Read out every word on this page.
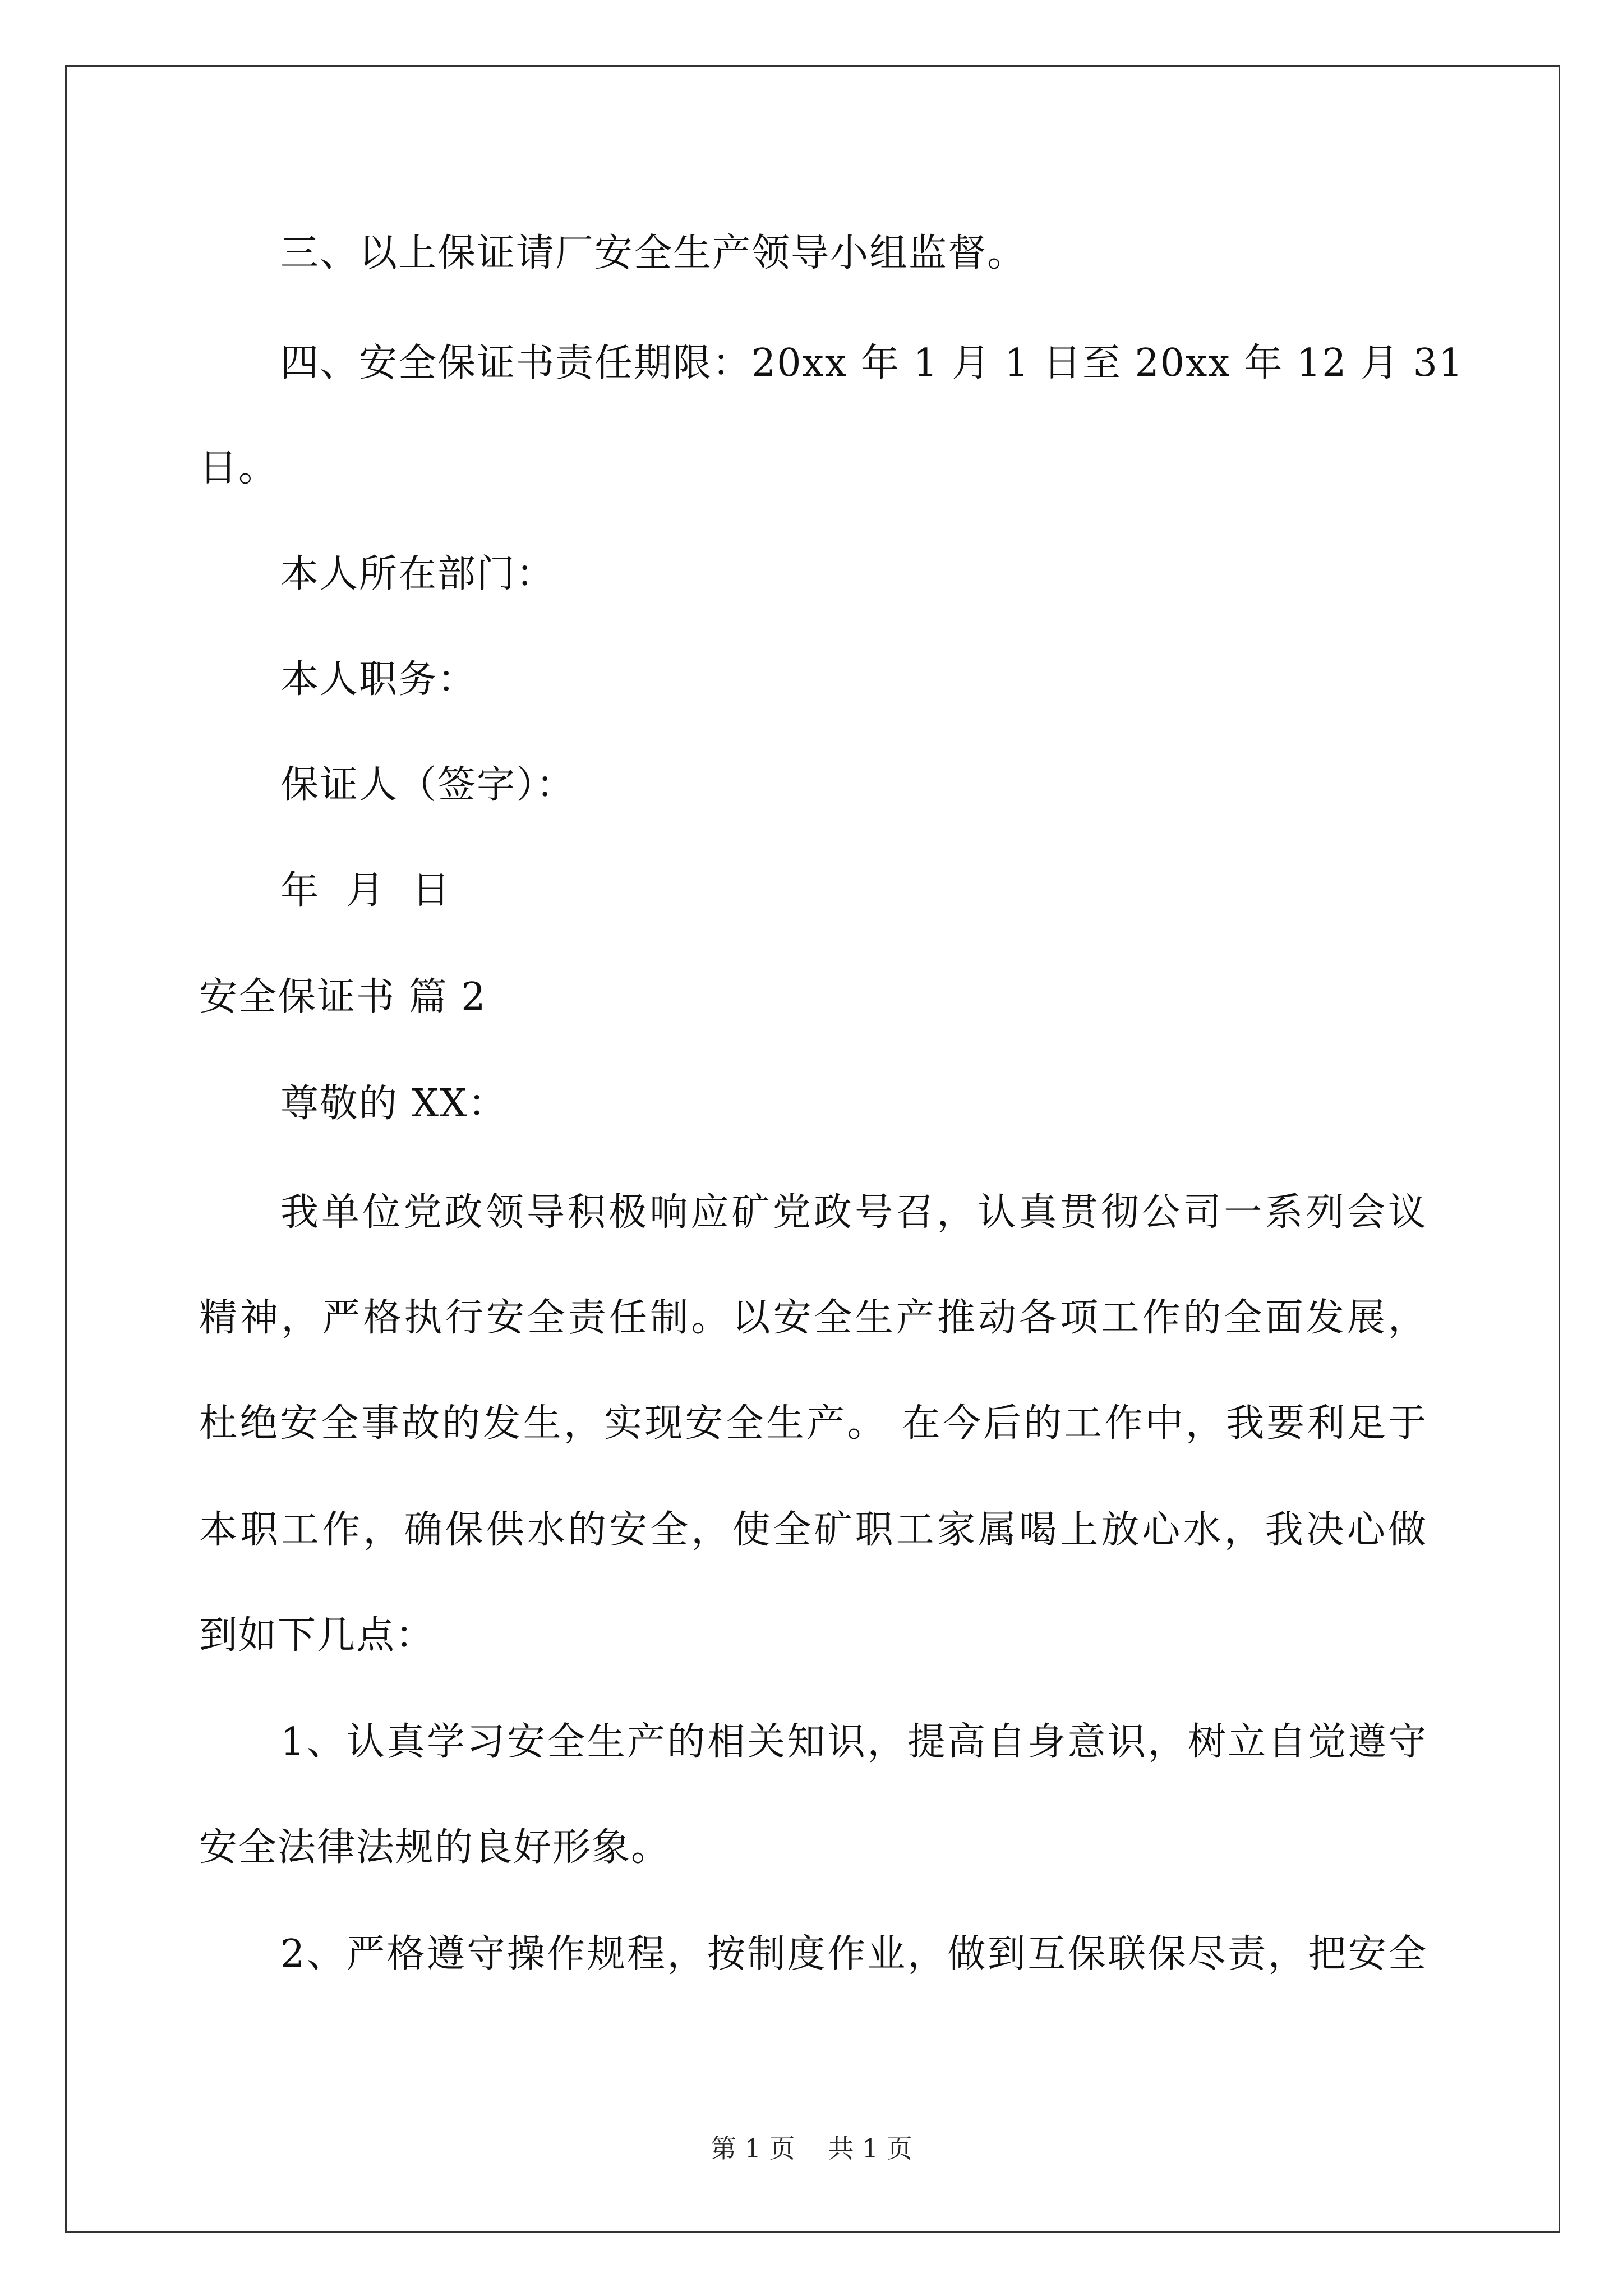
三、以上保证请厂安全生产领导小组监督。
四、安全保证书责任期限：20xx 年 1 月 1 日至 20xx 年 12 月 31
日。
本人所在部门：
本人职务：
保证人（签字）：
年  月  日
安全保证书 篇 2
尊敬的 XX：
我单位党政领导积极响应矿党政号召，认真贯彻公司一系列会议
精神，严格执行安全责任制。以安全生产推动各项工作的全面发展，
杜绝安全事故的发生，实现安全生产。 在今后的工作中，我要利足于
本职工作，确保供水的安全，使全矿职工家属喝上放心水，我决心做
到如下几点：
1、认真学习安全生产的相关知识，提高自身意识，树立自觉遵守
安全法律法规的良好形象。
2、严格遵守操作规程，按制度作业，做到互保联保尽责，把安全
第 1 页 共 1 页
